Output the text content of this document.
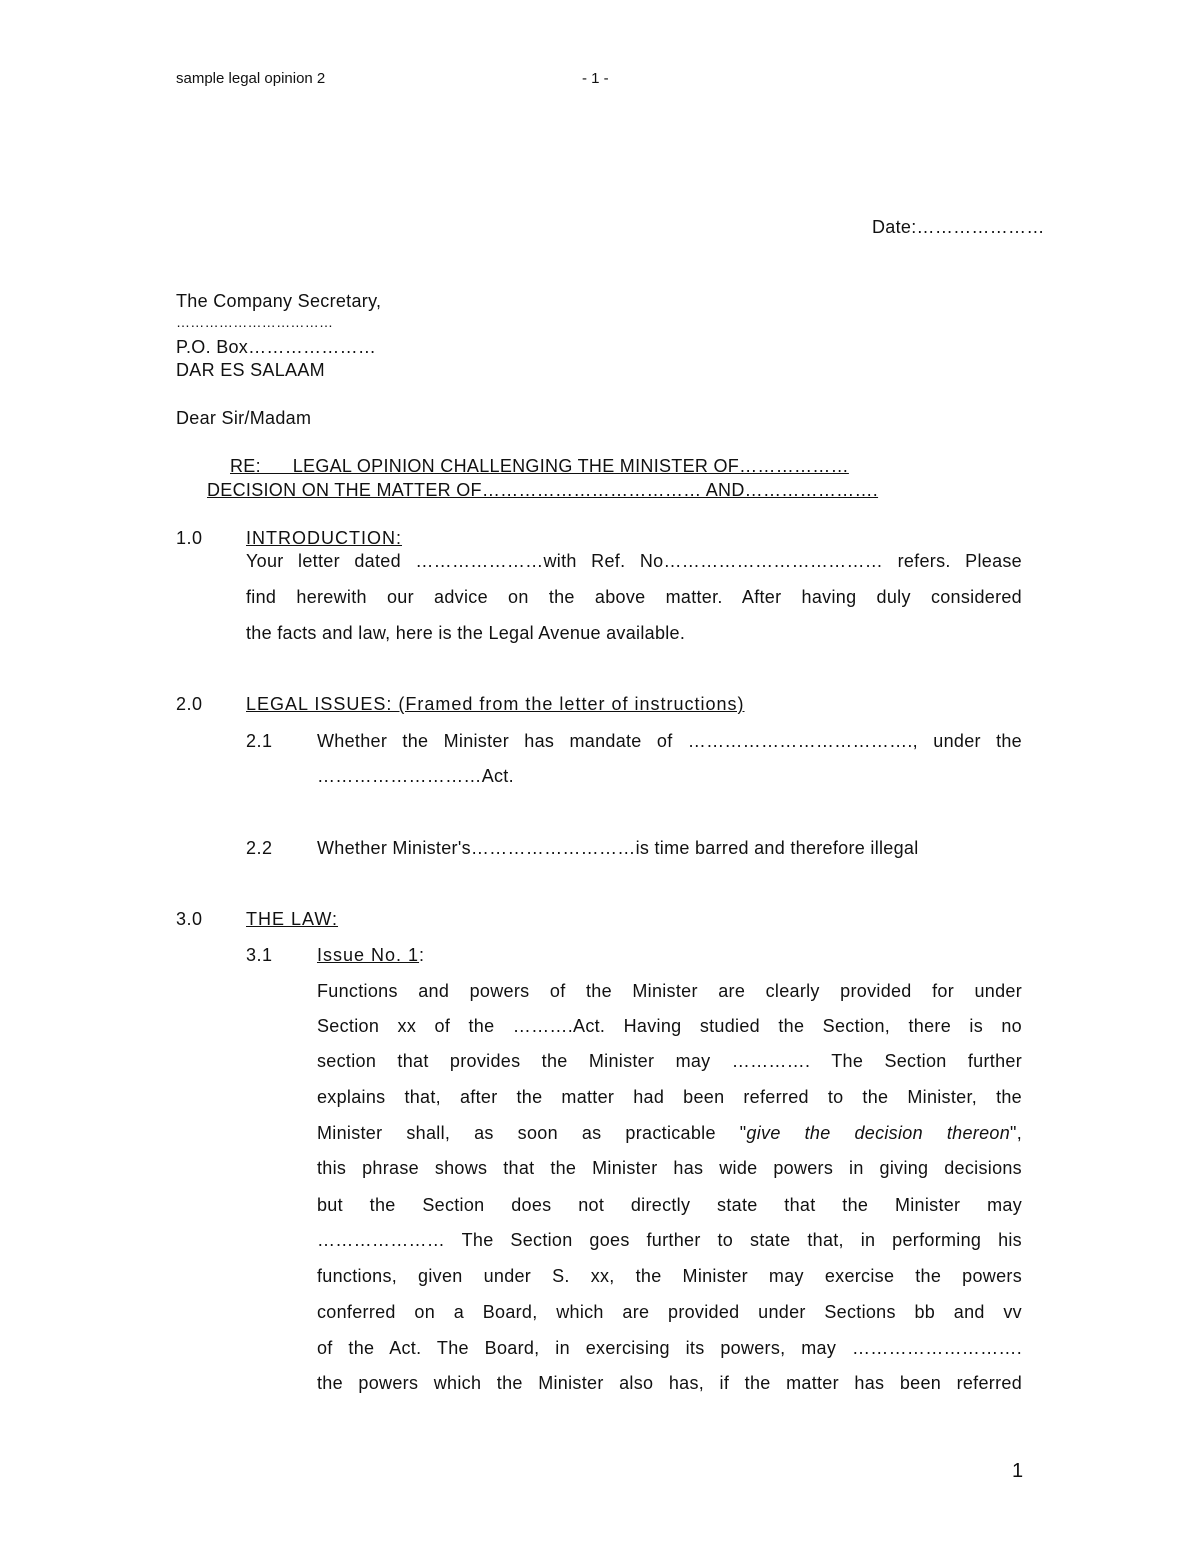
sample legal opinion 2	- 1 -
Date:…………………
The Company Secretary,
……………………………
P.O. Box…………………
DAR ES SALAAM
Dear Sir/Madam
RE:      LEGAL OPINION CHALLENGING THE MINISTER OF………………
DECISION ON THE MATTER OF……………………………… AND………………….
1.0 INTRODUCTION:
Your letter dated …………………with Ref. No……………………………… refers. Please
find herewith our advice on the above matter. After having duly considered
the facts and law, here is the Legal Avenue available.
2.0 LEGAL ISSUES: (Framed from the letter of instructions)
2.1 Whether the Minister has mandate of ………………………………., under the
………………………Act.
2.2 Whether Minister's………………………is time barred and therefore illegal
3.0 THE LAW:
3.1 Issue No. 1:
Functions and powers of the Minister are clearly provided for under
Section xx of the ……….Act. Having studied the Section, there is no
section that provides the Minister may …………. The Section further
explains that, after the matter had been referred to the Minister, the
Minister shall, as soon as practicable "give the decision thereon",
this phrase shows that the Minister has wide powers in giving decisions
but the Section does not directly state that the Minister may
………………… The Section goes further to state that, in performing his
functions, given under S. xx, the Minister may exercise the powers
conferred on a Board, which are provided under Sections bb and vv
of the Act. The Board, in exercising its powers, may ……………………….
the powers which the Minister also has, if the matter has been referred
1
